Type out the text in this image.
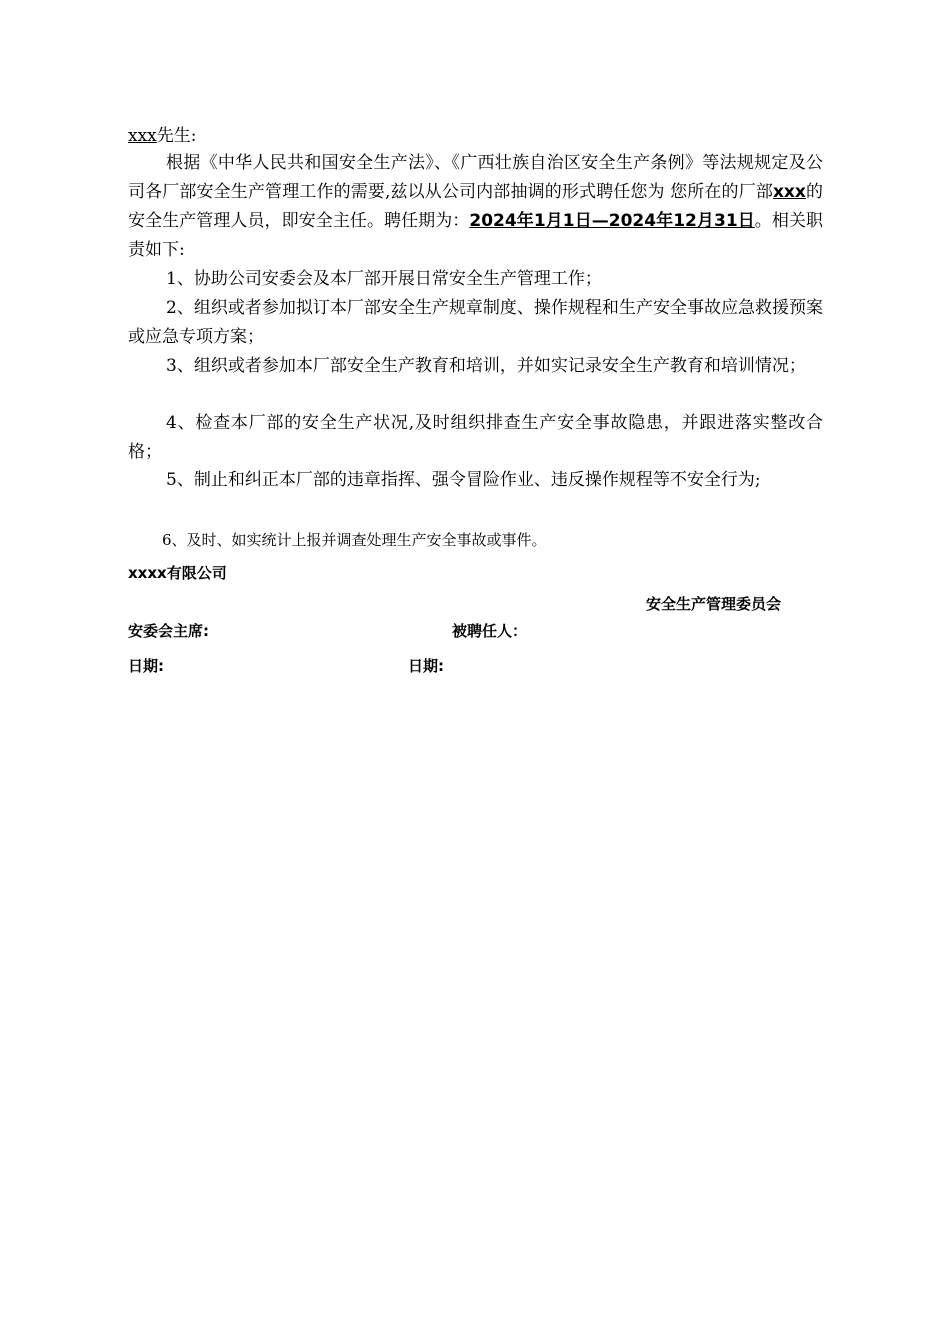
xxx先生:
根据《中华人民共和国安全生产法》、《广西壮族自治区安全生产条例》等法规规定及公司各厂部安全生产管理工作的需要,兹以从公司内部抽调的形式聘任您为 您所在的厂部xxx的安全生产管理人员，即安全主任。聘任期为：2024年1月1日—2024年12月31日。相关职责如下:
1、协助公司安委会及本厂部开展日常安全生产管理工作；
2、组织或者参加拟订本厂部安全生产规章制度、操作规程和生产安全事故应急救援预案或应急专项方案；
3、组织或者参加本厂部安全生产教育和培训，并如实记录安全生产教育和培训情况；
4、检查本厂部的安全生产状况,及时组织排查生产安全事故隐患，并跟进落实整改合格；
5、制止和纠正本厂部的违章指挥、强令冒险作业、违反操作规程等不安全行为;
6、及时、如实统计上报并调查处理生产安全事故或事件。
xxxx有限公司
安全生产管理委员会
安委会主席:	被聘任人：
日期:	日期:
